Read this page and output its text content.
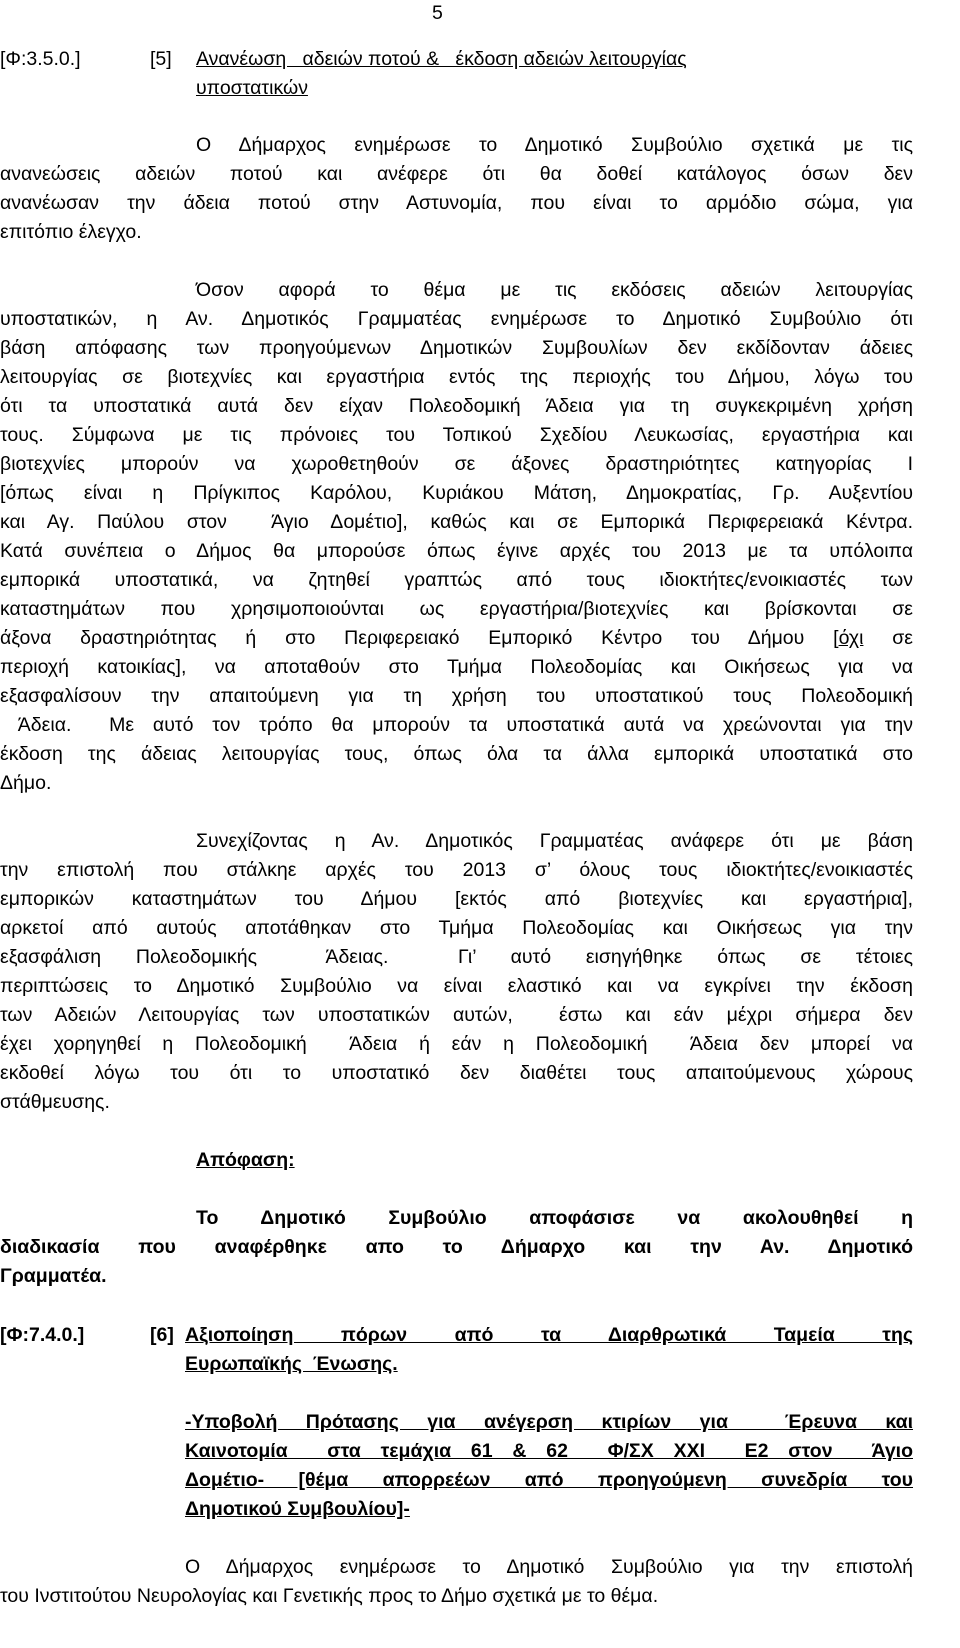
5
[Φ:3.5.0.]	[5] Ανανέωση   αδειών ποτού &   έκδοση αδειών λειτουργίας
υποστατικών
Ο Δήμαρχος ενημέρωσε το Δημοτικό Συμβούλιο σχετικά με τις
ανανεώσεις αδειών ποτού και ανέφερε ότι θα δοθεί κατάλογος όσων δεν
ανανέωσαν την άδεια ποτού στην Αστυνομία, που είναι το αρμόδιο σώμα, για
επιτόπιο έλεγχο.
Όσον αφορά το θέμα με τις εκδόσεις αδειών λειτουργίας
υποστατικών, η Αν. Δημοτικός Γραμματέας ενημέρωσε το Δημοτικό Συμβούλιο ότι
βάση απόφασης των προηγούμενων Δημοτικών Συμβουλίων δεν εκδίδονταν άδειες
λειτουργίας σε βιοτεχνίες και εργαστήρια εντός της περιοχής του Δήμου, λόγω του
ότι τα υποστατικά αυτά δεν είχαν Πολεοδομική Άδεια για τη συγκεκριμένη χρήση
τους. Σύμφωνα με τις πρόνοιες του Τοπικού Σχεδίου Λευκωσίας, εργαστήρια και
βιοτεχνίες μπορούν να χωροθετηθούν σε άξονες δραστηριότητες κατηγορίας Ι
[όπως είναι η Πρίγκιπος Καρόλου, Κυριάκου Μάτση, Δημοκρατίας, Γρ. Αυξεντίου
και Αγ. Παύλου στον  Άγιο Δομέτιο], καθώς και σε Εμπορικά Περιφερειακά Κέντρα.
Κατά συνέπεια ο Δήμος θα μπορούσε όπως έγινε αρχές του 2013 με τα υπόλοιπα
εμπορικά υποστατικά, να ζητηθεί γραπτώς από τους ιδιοκτήτες/ενοικιαστές των
καταστημάτων που χρησιμοποιούνται ως εργαστήρια/βιοτεχνίες και βρίσκονται σε
άξονα δραστηριότητας ή στο Περιφερειακό Εμπορικό Κέντρο του Δήμου [όχι σε
περιοχή κατοικίας], να αποταθούν στο Τμήμα Πολεοδομίας και Οικήσεως για να
εξασφαλίσουν την απαιτούμενη για τη χρήση του υποστατικού τους Πολεοδομική
Άδεια.  Με αυτό τον τρόπο θα μπορούν τα υποστατικά αυτά να χρεώνονται για την
έκδοση της άδειας λειτουργίας τους, όπως όλα τα άλλα εμπορικά υποστατικά στο
Δήμο.
Συνεχίζοντας η Αν. Δημοτικός Γραμματέας ανάφερε ότι με βάση
την επιστολή που στάλκηε αρχές του 2013 σ’ όλους τους ιδιοκτήτες/ενοικιαστές
εμπορικών καταστημάτων του Δήμου [εκτός από βιοτεχνίες και εργαστήρια],
αρκετοί από αυτούς αποτάθηκαν στο Τμήμα Πολεοδομίας και Οικήσεως για την
εξασφάλιση Πολεοδομικής  Άδειας.  Γι’ αυτό εισηγήθηκε όπως σε τέτοιες
περιπτώσεις το Δημοτικό Συμβούλιο να είναι ελαστικό και να εγκρίνει την έκδοση
των Αδειών Λειτουργίας των υποστατικών αυτών,  έστω και εάν μέχρι σήμερα δεν
έχει χορηγηθεί η Πολεοδομική  Άδεια ή εάν η Πολεοδομική  Άδεια δεν μπορεί να
εκδοθεί λόγω του ότι το υποστατικό δεν διαθέτει τους απαιτούμενους χώρους
στάθμευσης.
Απόφαση:
Το Δημοτικό Συμβούλιο αποφάσισε να ακολουθηθεί η
διαδικασία που αναφέρθηκε απο το Δήμαρχο και την Αν. Δημοτικό
Γραμματέα.
[Φ:7.4.0.]	[6] Αξιοποίηση πόρων από τα Διαρθρωτικά Ταμεία της
Ευρωπαϊκής  Ένωσης.
-Υποβολή Πρότασης για ανέγερση κτιρίων για  Έρευνα και
Καινοτομία  στα τεμάχια 61 & 62  Φ/ΣΧ ΧΧΙ  Ε2 στον  Άγιο
Δομέτιο- [θέμα απορρεέων από προηγούμενη συνεδρία του
Δημοτικού Συμβουλίου]-
Ο Δήμαρχος ενημέρωσε το Δημοτικό Συμβούλιο για την επιστολή
του Ινστιτούτου Νευρολογίας και Γενετικής προς το Δήμο σχετικά με το θέμα.
